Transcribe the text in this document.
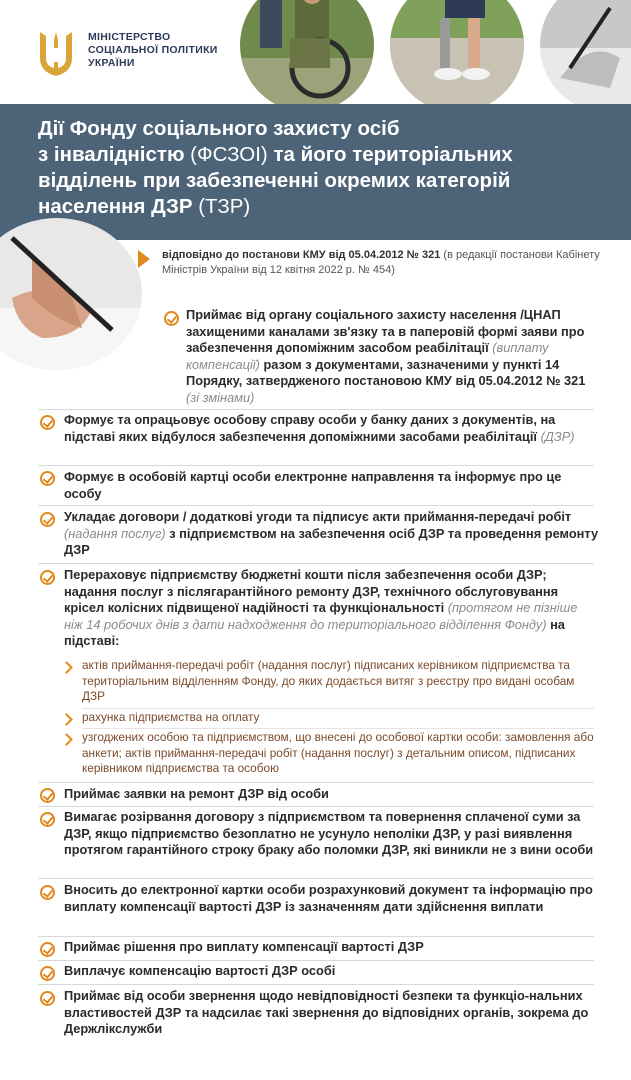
МІНІСТЕРСТВО
СОЦІАЛЬНОЇ ПОЛІТИКИ
УКРАЇНИ
Дії Фонду соціального захисту осіб
з інвалідністю (ФСЗОІ) та його територіальних
відділень при забезпеченні окремих категорій
населення ДЗР (ТЗР)
відповідно до постанови КМУ від 05.04.2012 № 321 (в редакції постанови Кабінету Міністрів України від 12 квітня 2022 р. № 454)
Приймає від органу соціального захисту населення /ЦНАП захищеними каналами зв'язку та в паперовій формі заяви про забезпечення допоміжним засобом реабілітації (виплату компенсації) разом з документами, зазначеними у пункті 14 Порядку, затвердженого постановою КМУ від 05.04.2012 № 321 (зі змінами)
Формує та опрацьовує особову справу особи у банку даних з документів, на підставі яких відбулося забезпечення допоміжними засобами реабілітації (ДЗР)
Формує в особовій картці особи електронне направлення та інформує про це особу
Укладає договори / додаткові угоди та підписує акти приймання-передачі робіт (надання послуг) з підприємством на забезпечення осіб ДЗР та проведення ремонту ДЗР
Перераховує підприємству бюджетні кошти після забезпечення особи ДЗР; надання послуг з післягарантійного ремонту ДЗР, технічного обслуговування крісел колісних підвищеної надійності та функціональності (протягом не пізніше ніж 14 робочих днів з дати надходження до територіального відділення Фонду) на підставі:
актів приймання-передачі робіт (надання послуг) підписаних керівником підприємства та територіальним відділенням Фонду, до яких додається витяг з реєстру про видані особам ДЗР
рахунка підприємства на оплату
узгоджених особою та підприємством, що внесені до особової картки особи: замовлення або анкети; актів приймання-передачі робіт (надання послуг) з детальним описом, підписаних керівником підприємства та особою
Приймає заявки на ремонт ДЗР від особи
Вимагає розірвання договору з підприємством та повернення сплаченої суми за ДЗР, якщо підприємство безоплатно не усунуло неполіки ДЗР, у разі виявлення протягом гарантійного строку браку або поломки ДЗР, які виникли не з вини особи
Вносить до електронної картки особи розрахунковий документ та інформацію про виплату компенсації вартості ДЗР із зазначенням дати здійснення виплати
Приймає рішення про виплату компенсації вартості ДЗР
Виплачує компенсацію вартості ДЗР особі
Приймає від особи звернення щодо невідповідності безпеки та функціо-нальних властивостей ДЗР та надсилає такі звернення до відповідних органів, зокрема до Держлікслужби
